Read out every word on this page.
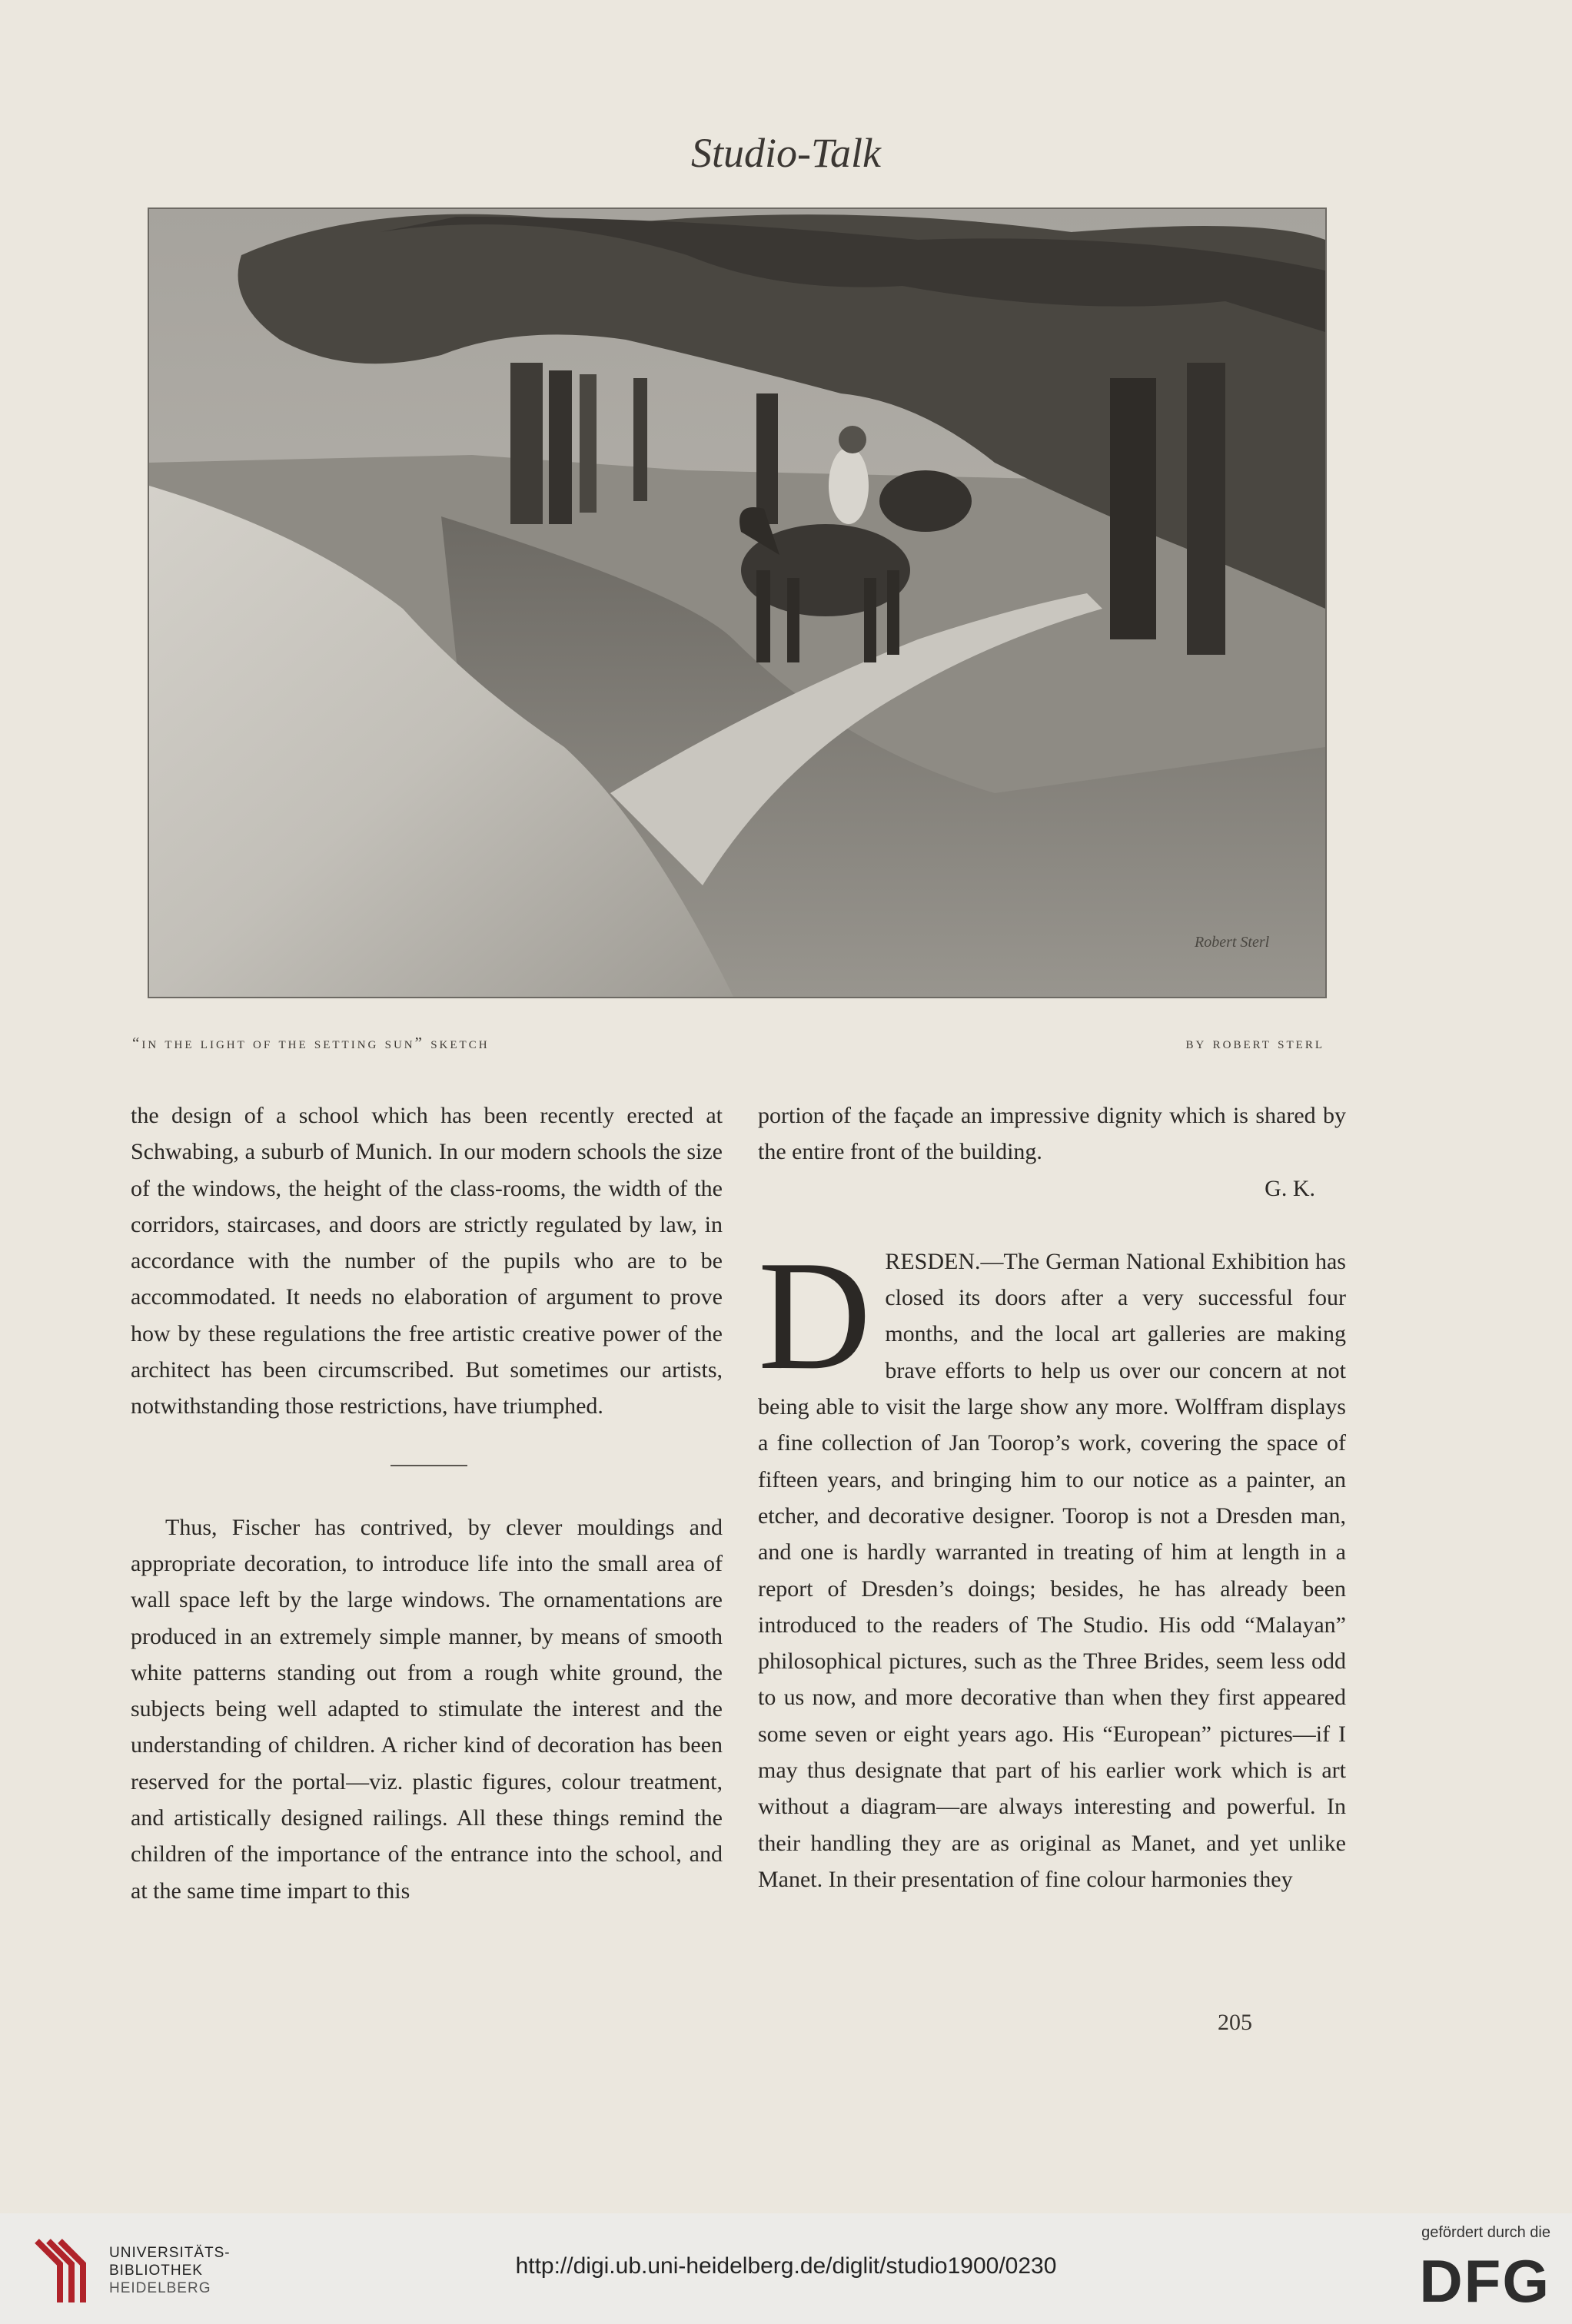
Studio-Talk
Robert Sterl
“in the light of the setting sun” sketch	by robert sterl

the design of a school which has been recently erected at Schwabing, a suburb of Munich. In our modern schools the size of the windows, the height of the class-rooms, the width of the corridors, staircases, and doors are strictly regulated by law, in accordance with the number of the pupils who are to be accommodated. It needs no elaboration of argument to prove how by these regulations the free artistic creative power of the architect has been circumscribed. But sometimes our artists, notwithstanding those restrictions, have triumphed.

Thus, Fischer has contrived, by clever mouldings and appropriate decoration, to introduce life into the small area of wall space left by the large windows. The ornamentations are produced in an extremely simple manner, by means of smooth white patterns standing out from a rough white ground, the subjects being well adapted to stimulate the interest and the understanding of children. A richer kind of decoration has been reserved for the portal—viz. plastic figures, colour treatment, and artistically designed railings. All these things remind the children of the importance of the entrance into the school, and at the same time impart to this

portion of the façade an impressive dignity which is shared by the entire front of the building.

G. K.

DRESDEN.—The German National Exhibition has closed its doors after a very successful four months, and the local art galleries are making brave efforts to help us over our concern at not being able to visit the large show any more. Wolffram displays a fine collection of Jan Toorop’s work, covering the space of fifteen years, and bringing him to our notice as a painter, an etcher, and decorative designer. Toorop is not a Dresden man, and one is hardly warranted in treating of him at length in a report of Dresden’s doings; besides, he has already been introduced to the readers of The Studio. His odd “Malayan” philosophical pictures, such as the Three Brides, seem less odd to us now, and more decorative than when they first appeared some seven or eight years ago. His “European” pictures—if I may thus designate that part of his earlier work which is art without a diagram—are always interesting and powerful. In their handling they are as original as Manet, and yet unlike Manet. In their presentation of fine colour harmonies they

205
UNIVERSITÄTS-
BIBLIOTHEK
HEIDELBERG
http://digi.ub.uni-heidelberg.de/diglit/studio1900/0230
gefördert durch die
DFG
